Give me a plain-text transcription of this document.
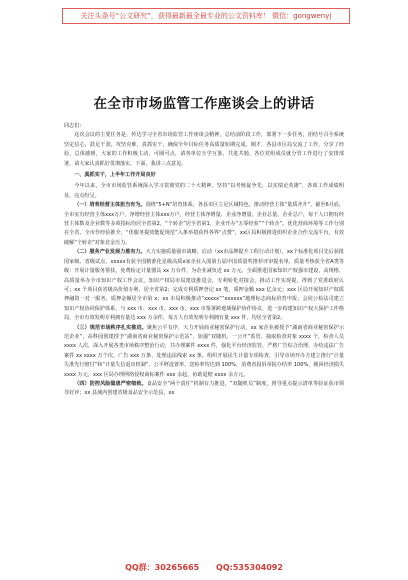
关注头条号“公文研究”，获得最新最全最专业的公文资料库！ 微信：gongwenyj
在全市市场监管工作座谈会上的讲话

同志们：

这次会议的主要任务是，传达学习全省市场监管工作座谈会精神，总结前阶段工作，部署下一步任务，团结号召全系统坚定信心，鼓足干劲，攻坚克难，真抓实干，确保全年目标任务高质量如期完成。刚才，各县市区局交流了工作，分享了经验，总体感到，大家的工作积极主动，可圈可点，请各单位互学互鉴，共进共勉。各位党组成员就分管工作进行了安排部署，请大家认真抓好贯彻落实。下面，我讲三点意见。

一、真抓实干，上半年工作开局良好

今年以来，全市市场监管系统深入学习贯彻党的二十大精神，坚持“以考核促争先，以实绩论英雄”，各项工作成绩明显，亮点纷呈。

（一）培育经营主体扭当有为。围绕“5+N”培育体系，各县市区立足区域特色，推动经营主体“量质齐升”，截至6月底，全市实有经营主体xxx万户，净增经营主体xxx万户，经营主体净增量、企业净增量、企业总量、企业总户，每千人口拥有经营主体数及企业数等多项指标均居全省第2，“个转企”居全省第1，企业开办“五零经验”“个转企”、优化营商环境等工作分别在全省、全市作经验推介，“优服务提效能促规范”入条举措获得各界“点赞”，xx区局积极推进组织企业合作交流平台，有效破解“个转企”对象竞金压力。

（二）服务产业发展力推有力。大力实施质量强市战略，启动（xx市品牌提升工程行动计划），xx个标准化项目先后获批国家级、省级试点，xxxxx有获全国精准化星级高质x家企业入围第五届中国质量奖推荐评审提名单，质量考核获全省A类等级：开展计量服务帮扶，免费检定计量器具 xx 万台件，为企业减负近 xx 万元。全面推进国家知识产权强市建设，高规格、高质量举办全市知识产权工作会议，知识产权局市局建设推进会，专利转化对接会，推动工作实现提。得到了党委政府认可；xx 个项目获省级高价值专利，居全省第2；完成专利质押登记 xx 笔，质押金额 xxx 亿余元；xxx 区局开展知识产权质押融资一对一服务，质押金额居全市第 x；xx 市局积极推动“xxxxx”“xxxxxx”地理标志商标培育申报；会同公检法司建立知识产权协同保护体系，与 xxx 市、xxx 市、xxx 市、xxx 市鉴署跨地域保护协作协议，进一步构建知识产权大保护工作格局，全市有效发明专利拥有量达 xxx 万余件，每万人有效发明专利拥有量 xxx 件，均居全省第2。

（三）规范市场秩序扎实推进。聚焦公平有序，大力开展商业秘密保护行动，xx 家企业被授予“湖南省商业秘密保护示范企业”，高科园创建授予“湖南省商业秘密保护示范站”，加强“双随机、一公开”监管，抽取检查对象 xxxx 个，检查人员 xxxx 人次，深入开展各类市场秩序整治行动，共办理案件 xxxx 件，强化平台经济监管，严格广告综合治理，办结违法广告案件 xx xxxx 万个次，广告 xxx 万条，处理违法线索 xx 条。组织开展民生计量专项检查，引导市场开办方建立推行“计量失准先行赔付”和“计量失信退出机制”，公平秤设置率、送检率均达到 100%，消费者投诉举报办结率 100%，挽回经济损失 xxxx 万元，xxx 区局办理网络侵权商标案件 xxx 余起，协助退赔 xxxx 余万元。

（四）防控风险隐患严密细致。食品安全“两个责任”机制有力推进，“双随机员”制度，督导重点提示清单等验证获市领导好评；xx 县域内创建省级食品安全示范县，xx

QQ群：30265665 QQ:535304092
